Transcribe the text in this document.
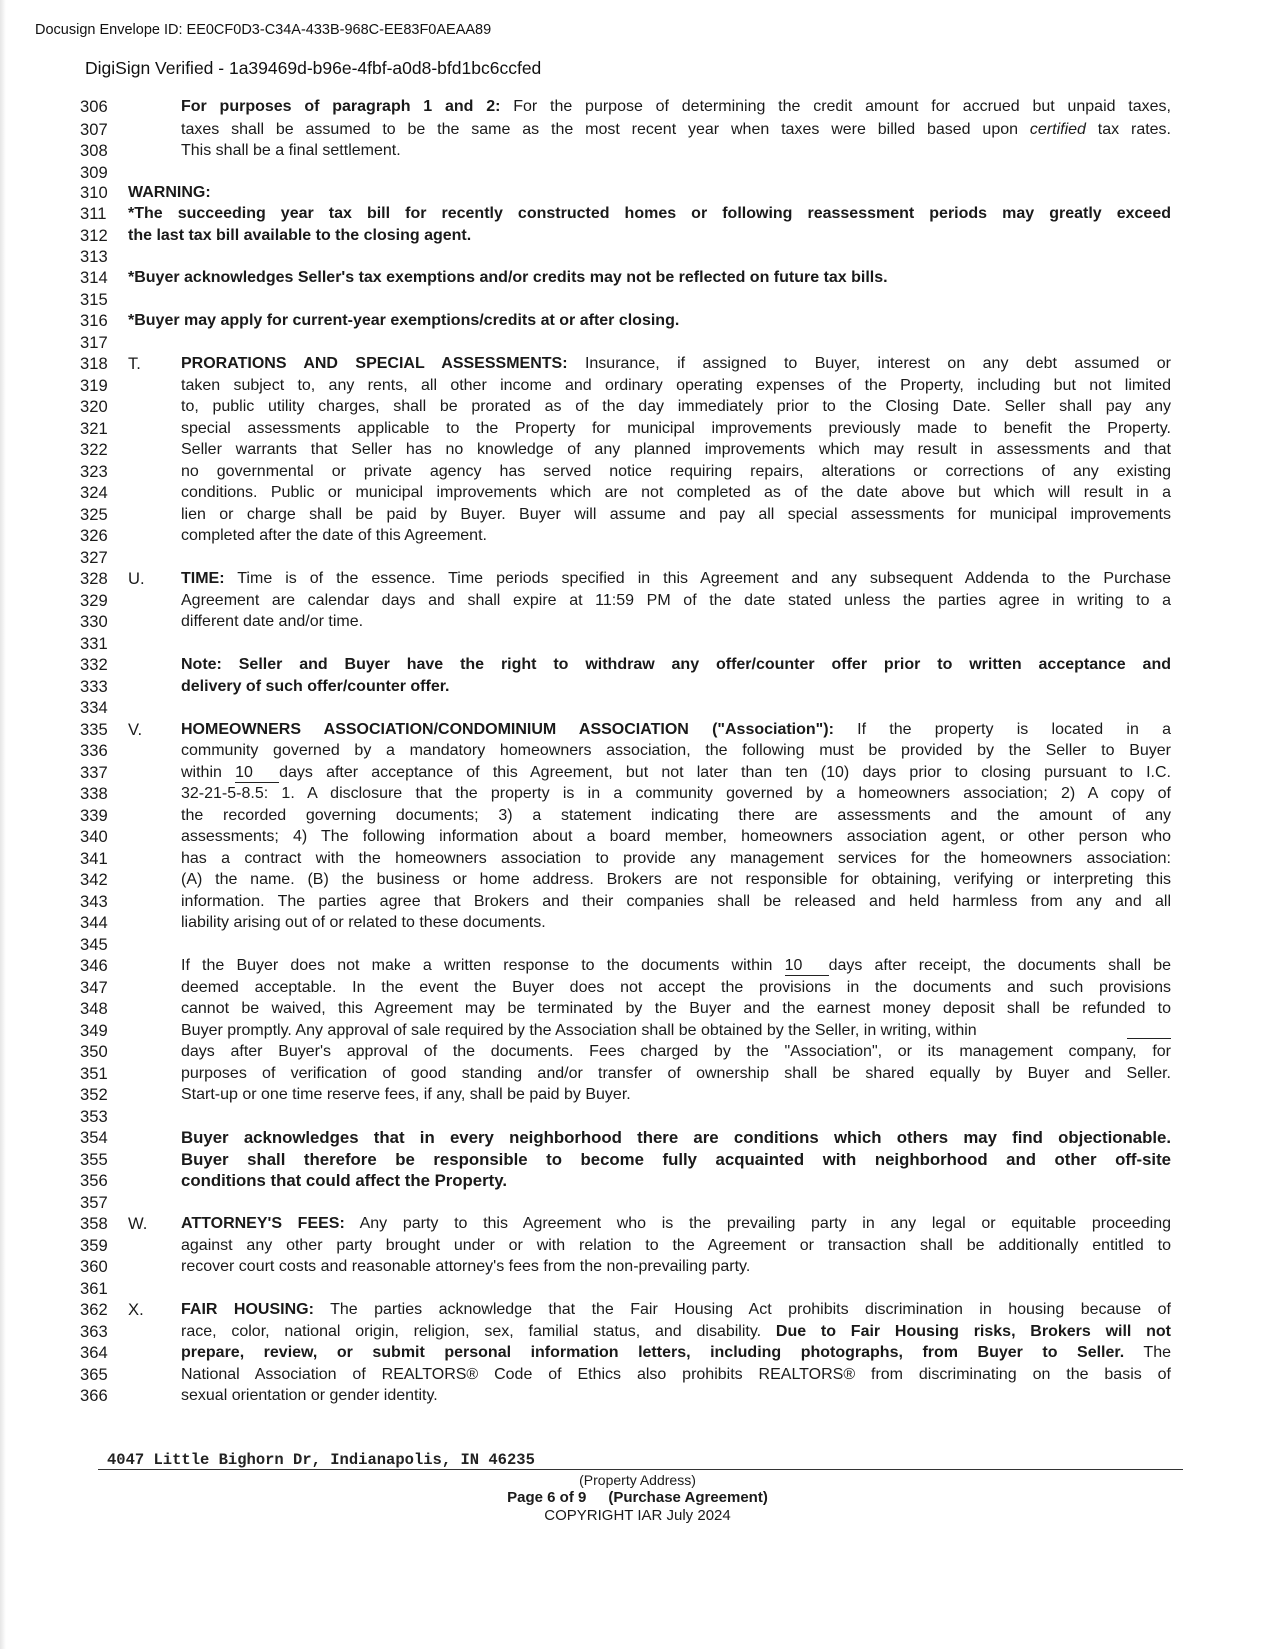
Docusign Envelope ID: EE0CF0D3-C34A-433B-968C-EE83F0AEAA89
DigiSign Verified - 1a39469d-b96e-4fbf-a0d8-bfd1bc6ccfed
306	For purposes of paragraph 1 and 2: For the purpose of determining the credit amount for accrued but unpaid taxes,
307	taxes shall be assumed to be the same as the most recent year when taxes were billed based upon certified tax rates.
308	This shall be a final settlement.
309
310	WARNING:
311	*The succeeding year tax bill for recently constructed homes or following reassessment periods may greatly exceed
312	the last tax bill available to the closing agent.
313
314	*Buyer acknowledges Seller's tax exemptions and/or credits may not be reflected on future tax bills.
315
316	*Buyer may apply for current-year exemptions/credits at or after closing.
317
318	T.	PRORATIONS AND SPECIAL ASSESSMENTS: Insurance, if assigned to Buyer, interest on any debt assumed or
319	taken subject to, any rents, all other income and ordinary operating expenses of the Property, including but not limited
320	to, public utility charges, shall be prorated as of the day immediately prior to the Closing Date. Seller shall pay any
321	special assessments applicable to the Property for municipal improvements previously made to benefit the Property.
322	Seller warrants that Seller has no knowledge of any planned improvements which may result in assessments and that
323	no governmental or private agency has served notice requiring repairs, alterations or corrections of any existing
324	conditions. Public or municipal improvements which are not completed as of the date above but which will result in a
325	lien or charge shall be paid by Buyer. Buyer will assume and pay all special assessments for municipal improvements
326	completed after the date of this Agreement.
327
328	U. TIME: Time is of the essence. Time periods specified in this Agreement and any subsequent Addenda to the Purchase
329	Agreement are calendar days and shall expire at 11:59 PM of the date stated unless the parties agree in writing to a
330	different date and/or time.
331
332	Note: Seller and Buyer have the right to withdraw any offer/counter offer prior to written acceptance and
333	delivery of such offer/counter offer.
334
335	V. HOMEOWNERS ASSOCIATION/CONDOMINIUM ASSOCIATION ("Association"): If the property is located in a
336	community governed by a mandatory homeowners association, the following must be provided by the Seller to Buyer
337	within 10 days after acceptance of this Agreement, but not later than ten (10) days prior to closing pursuant to I.C.
338	32-21-5-8.5: 1. A disclosure that the property is in a community governed by a homeowners association; 2) A copy of
339	the recorded governing documents; 3) a statement indicating there are assessments and the amount of any
340	assessments; 4) The following information about a board member, homeowners association agent, or other person who
341	has a contract with the homeowners association to provide any management services for the homeowners association:
342	(A) the name. (B) the business or home address. Brokers are not responsible for obtaining, verifying or interpreting this
343	information. The parties agree that Brokers and their companies shall be released and held harmless from any and all
344	liability arising out of or related to these documents.
345
346	If the Buyer does not make a written response to the documents within 10 days after receipt, the documents shall be
347	deemed acceptable. In the event the Buyer does not accept the provisions in the documents and such provisions
348	cannot be waived, this Agreement may be terminated by the Buyer and the earnest money deposit shall be refunded to
349	Buyer promptly. Any approval of sale required by the Association shall be obtained by the Seller, in writing, within
350	days after Buyer's approval of the documents. Fees charged by the "Association", or its management company, for
351	purposes of verification of good standing and/or transfer of ownership shall be shared equally by Buyer and Seller.
352	Start-up or one time reserve fees, if any, shall be paid by Buyer.
353
354	Buyer acknowledges that in every neighborhood there are conditions which others may find objectionable.
355	Buyer shall therefore be responsible to become fully acquainted with neighborhood and other off-site
356	conditions that could affect the Property.
357
358	W. ATTORNEY'S FEES: Any party to this Agreement who is the prevailing party in any legal or equitable proceeding
359	against any other party brought under or with relation to the Agreement or transaction shall be additionally entitled to
360	recover court costs and reasonable attorney's fees from the non-prevailing party.
361
362	X. FAIR HOUSING: The parties acknowledge that the Fair Housing Act prohibits discrimination in housing because of
363	race, color, national origin, religion, sex, familial status, and disability. Due to Fair Housing risks, Brokers will not
364	prepare, review, or submit personal information letters, including photographs, from Buyer to Seller. The
365	National Association of REALTORS® Code of Ethics also prohibits REALTORS® from discriminating on the basis of
366	sexual orientation or gender identity.
4047 Little Bighorn Dr, Indianapolis, IN 46235
(Property Address)
Page 6 of 9 (Purchase Agreement)
COPYRIGHT IAR July 2024
